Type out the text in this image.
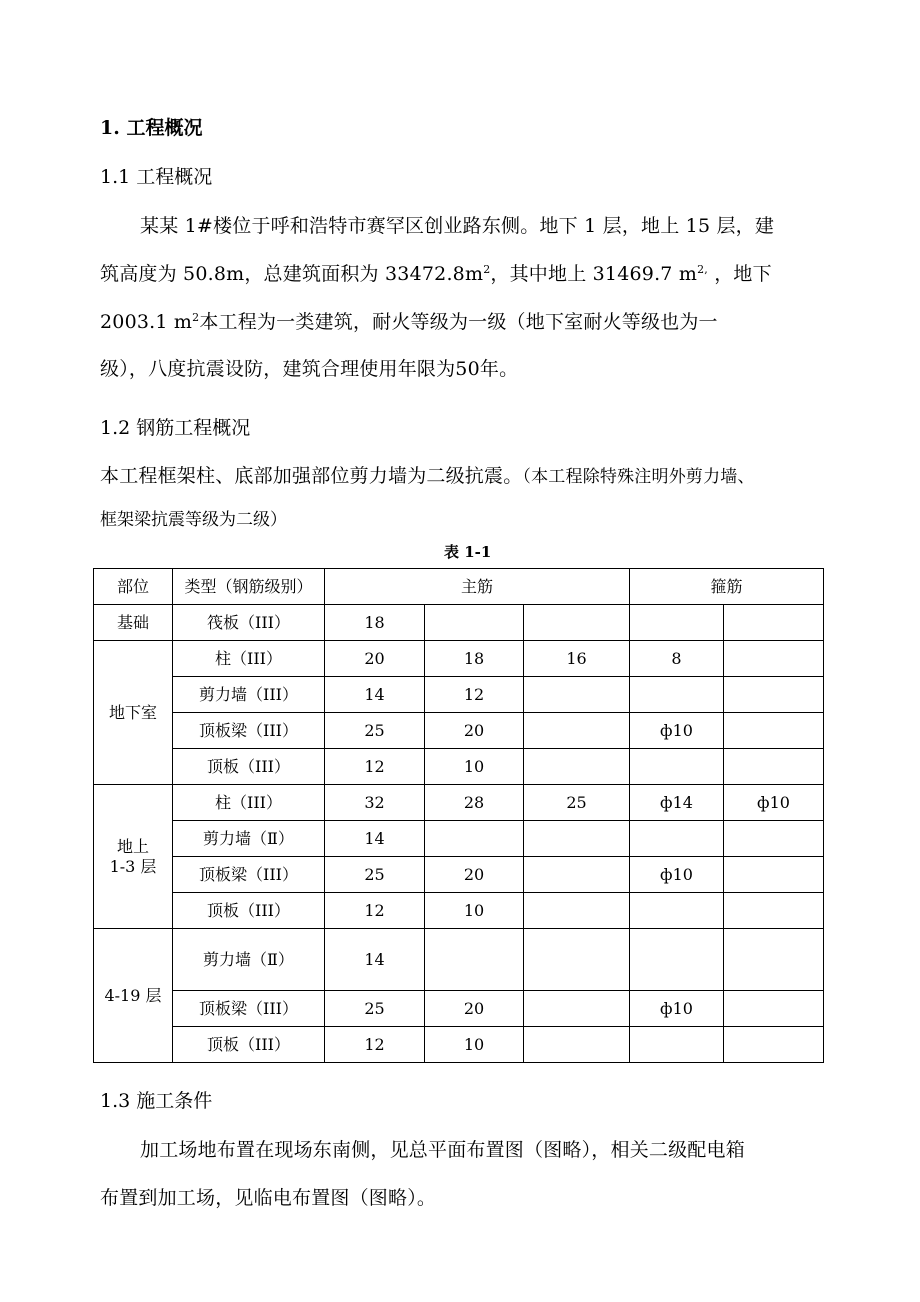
1. 工程概况
1.1 工程概况
某某 1#楼位于呼和浩特市赛罕区创业路东侧。地下 1 层，地上 15 层，建
筑高度为 50.8m，总建筑面积为 $33472.8m^2$，其中地上 31469.7 $m^{2,}$ ，地下
2003.1 $m^2$本工程为一类建筑，耐火等级为一级（地下室耐火等级也为一
级），八度抗震设防，建筑合理使用年限为50年。
1.2 钢筋工程概况
本工程框架柱、底部加强部位剪力墙为二级抗震。（本工程除特殊注明外剪力墙、
框架梁抗震等级为二级）
表 1-1
部位	类型（钢筋级别）	主筋			箍筋	
基础	筏板（III）	18				
地下室	柱（III）	20	18	16	8	
	剪力墙（III）	14	12			
	顶板梁（III）	25	20		ф10	
	顶板（III）	12	10			
地上
1-3 层	柱（III）	32	28	25	ф14	ф10
	剪力墙（Ⅱ）	14				
	顶板梁（III）	25	20		ф10	
	顶板（III）	12	10			
4-19 层	剪力墙（Ⅱ）	14				
	顶板梁（III）	25	20		ф10	
	顶板（III）	12	10			
1.3 施工条件
加工场地布置在现场东南侧，见总平面布置图（图略），相关二级配电箱
布置到加工场，见临电布置图（图略）。
